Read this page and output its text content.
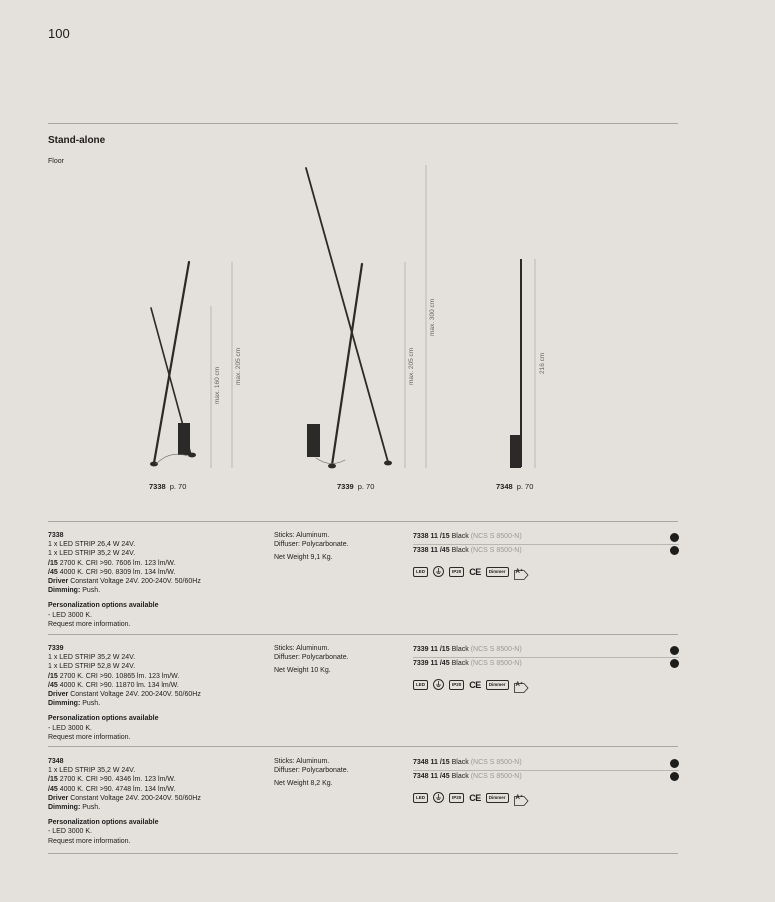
100
Stand-alone
Floor
max. 160 cm
max. 205 cm	max. 205 cm
max. 300 cm
216 cm
7338 p. 70	7339 p. 70	7348 p. 70
7338
1 x LED STRIP 26,4 W 24V.
1 x LED STRIP 35,2 W 24V.
/15 2700 K. CRI >90. 7606 lm. 123 lm/W.
/45 4000 K. CRI >90. 8309 lm. 134 lm/W.
Driver Constant Voltage 24V. 200-240V. 50/60Hz
Dimming: Push.
Personalization options available
- LED 3000 K.
Request more information.
Sticks: Aluminum.
Diffuser: Polycarbonate.
Net Weight 9,1 Kg.
7338 11 /15 Black (NCS S 8500-N)
7338 11 /45 Black (NCS S 8500-N)
LED	IP20 CE	Dimmer	A⁺
7339
1 x LED STRIP 35,2 W 24V.
1 x LED STRIP 52,8 W 24V.
/15 2700 K. CRI >90. 10865 lm. 123 lm/W.
/45 4000 K. CRI >90. 11870 lm. 134 lm/W.
Driver Constant Voltage 24V. 200-240V. 50/60Hz
Dimming: Push.
Personalization options available
- LED 3000 K.
Request more information.
Sticks: Aluminum.
Diffuser: Polycarbonate.
Net Weight 10 Kg.
7339 11 /15 Black (NCS S 8500-N)
7339 11 /45 Black (NCS S 8500-N)
LED	IP20 CE	Dimmer	A⁺
7348
1 x LED STRIP 35,2 W 24V.
/15 2700 K. CRI >90. 4346 lm. 123 lm/W.
/45 4000 K. CRI >90. 4748 lm. 134 lm/W.
Driver Constant Voltage 24V. 200-240V. 50/60Hz
Dimming: Push.
Personalization options available
- LED 3000 K.
Request more information.
Sticks: Aluminum.
Diffuser: Polycarbonate.
Net Weight 8,2 Kg.
7348 11 /15 Black (NCS S 8500-N)
7348 11 /45 Black (NCS S 8500-N)
LED	IP20 CE	Dimmer	A⁺
